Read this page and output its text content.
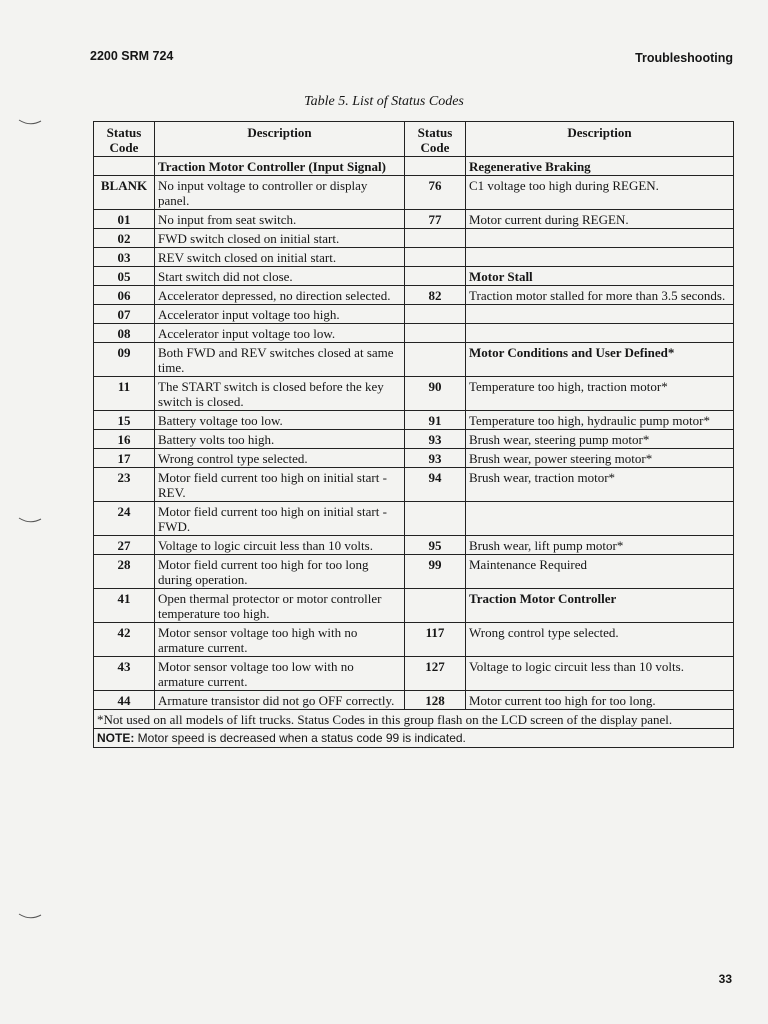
2200 SRM 724	Troubleshooting
Table 5. List of Status Codes
Status Code	Description	Status Code	Description
	Traction Motor Controller (Input Signal)		Regenerative Braking
BLANK	No input voltage to controller or display panel.	76	C1 voltage too high during REGEN.
01	No input from seat switch.	77	Motor current during REGEN.
02	FWD switch closed on initial start.		
03	REV switch closed on initial start.		
05	Start switch did not close.		Motor Stall
06	Accelerator depressed, no direction selected.	82	Traction motor stalled for more than 3.5 seconds.
07	Accelerator input voltage too high.		
08	Accelerator input voltage too low.		
09	Both FWD and REV switches closed at same time.		Motor Conditions and User Defined*
11	The START switch is closed before the key switch is closed.	90	Temperature too high, traction motor*
15	Battery voltage too low.	91	Temperature too high, hydraulic pump motor*
16	Battery volts too high.	93	Brush wear, steering pump motor*
17	Wrong control type selected.	93	Brush wear, power steering motor*
23	Motor field current too high on initial start - REV.	94	Brush wear, traction motor*
24	Motor field current too high on initial start - FWD.		
27	Voltage to logic circuit less than 10 volts.	95	Brush wear, lift pump motor*
28	Motor field current too high for too long during operation.	99	Maintenance Required
41	Open thermal protector or motor controller temperature too high.		Traction Motor Controller
42	Motor sensor voltage too high with no armature current.	117	Wrong control type selected.
43	Motor sensor voltage too low with no armature current.	127	Voltage to logic circuit less than 10 volts.
44	Armature transistor did not go OFF correctly.	128	Motor current too high for too long.
*Not used on all models of lift trucks. Status Codes in this group flash on the LCD screen of the display panel.			
NOTE: Motor speed is decreased when a status code 99 is indicated.			
33
